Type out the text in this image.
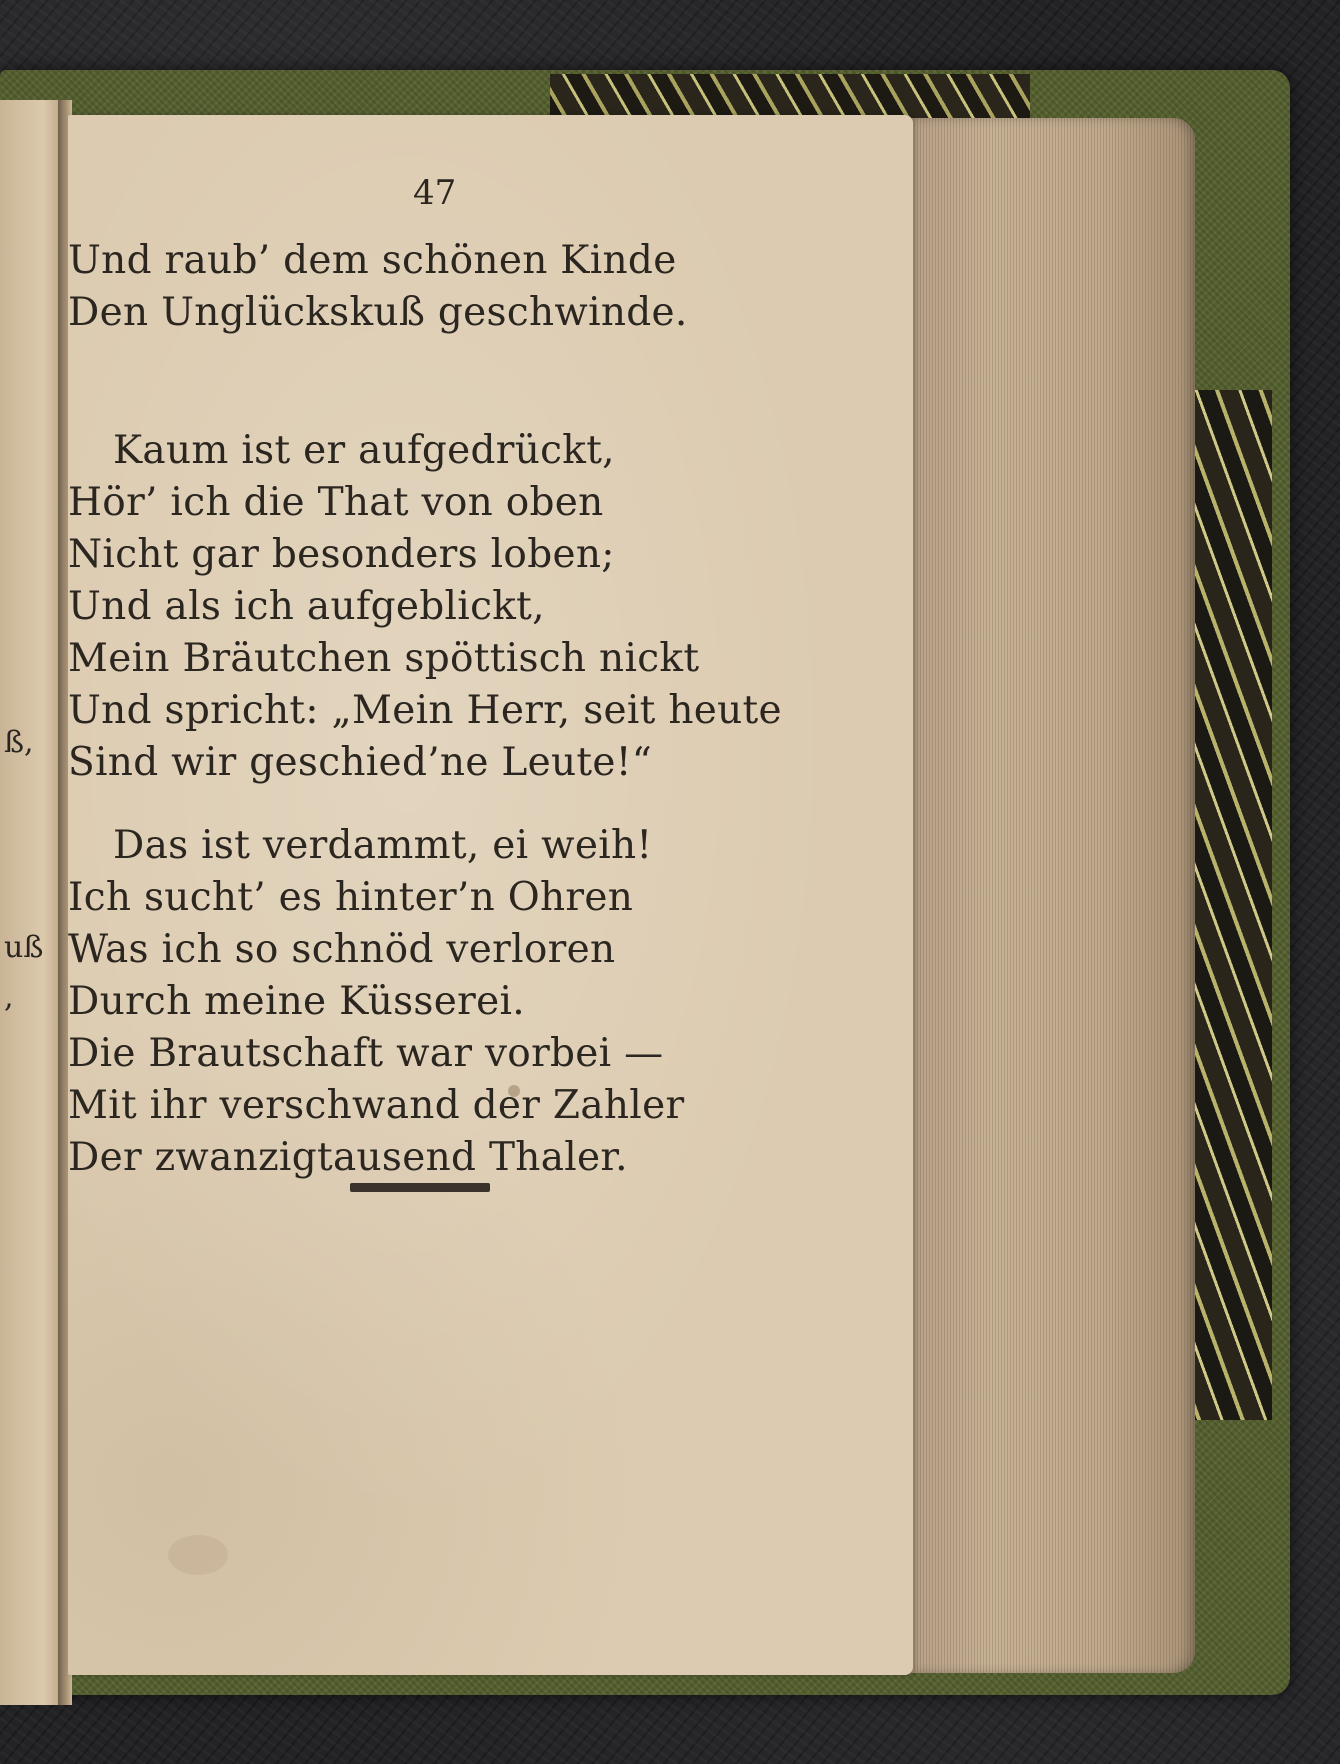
ß,
uß
,
47
Und raub’ dem schönen Kinde
Den Unglückskuß geschwinde.
Kaum ist er aufgedrückt,
Hör’ ich die That von oben
Nicht gar besonders loben;
Und als ich aufgeblickt,
Mein Bräutchen spöttisch nickt
Und spricht: „Mein Herr, seit heute
Sind wir geschied’ne Leute!“
Das ist verdammt, ei weih!
Ich sucht’ es hinter’n Ohren
Was ich so schnöd verloren
Durch meine Küsserei.
Die Brautschaft war vorbei —
Mit ihr verschwand der Zahler
Der zwanzigtausend Thaler.
